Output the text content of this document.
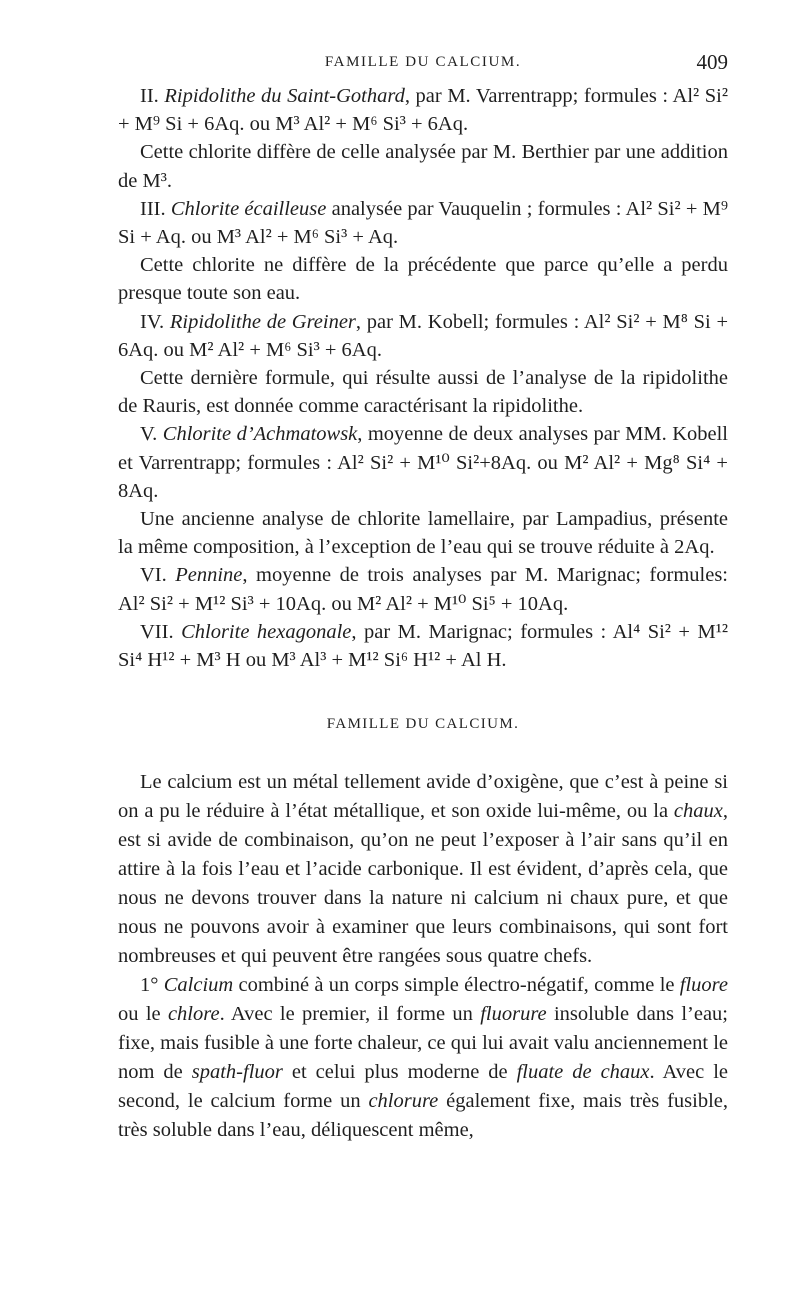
FAMILLE DU CALCIUM.	409

II. Ripidolithe du Saint-Gothard, par M. Varrentrapp; formules : Al² Si² + M⁹ Si + 6Aq. ou M³ Al² + M⁶ Si³ + 6Aq.

Cette chlorite diffère de celle analysée par M. Berthier par une addition de M³.

III. Chlorite écailleuse analysée par Vauquelin ; formules : Al² Si² + M⁹ Si + Aq. ou M³ Al² + M⁶ Si³ + Aq.

Cette chlorite ne diffère de la précédente que parce qu’elle a perdu presque toute son eau.

IV. Ripidolithe de Greiner, par M. Kobell; formules : Al² Si² + M⁸ Si + 6Aq. ou M² Al² + M⁶ Si³ + 6Aq.

Cette dernière formule, qui résulte aussi de l’analyse de la ripidolithe de Rauris, est donnée comme caractérisant la ripidolithe.

V. Chlorite d’Achmatowsk, moyenne de deux analyses par MM. Kobell et Varrentrapp; formules : Al² Si² + M¹⁰ Si²+8Aq. ou M² Al² + Mg⁸ Si⁴ + 8Aq.

Une ancienne analyse de chlorite lamellaire, par Lampadius, présente la même composition, à l’exception de l’eau qui se trouve réduite à 2Aq.

VI. Pennine, moyenne de trois analyses par M. Marignac; formules: Al² Si² + M¹² Si³ + 10Aq. ou M² Al² + M¹⁰ Si⁵ + 10Aq.

VII. Chlorite hexagonale, par M. Marignac; formules : Al⁴ Si² + M¹² Si⁴ H¹² + M³ H ou M³ Al³ + M¹² Si⁶ H¹² + Al H.

FAMILLE DU CALCIUM.

Le calcium est un métal tellement avide d’oxigène, que c’est à peine si on a pu le réduire à l’état métallique, et son oxide lui-même, ou la chaux, est si avide de combinaison, qu’on ne peut l’exposer à l’air sans qu’il en attire à la fois l’eau et l’acide carbonique. Il est évident, d’après cela, que nous ne devons trouver dans la nature ni calcium ni chaux pure, et que nous ne pouvons avoir à examiner que leurs combinaisons, qui sont fort nombreuses et qui peuvent être rangées sous quatre chefs.

1° Calcium combiné à un corps simple électro-négatif, comme le fluore ou le chlore. Avec le premier, il forme un fluorure insoluble dans l’eau; fixe, mais fusible à une forte chaleur, ce qui lui avait valu anciennement le nom de spath-fluor et celui plus moderne de fluate de chaux. Avec le second, le calcium forme un chlorure également fixe, mais très fusible, très soluble dans l’eau, déliquescent même,
